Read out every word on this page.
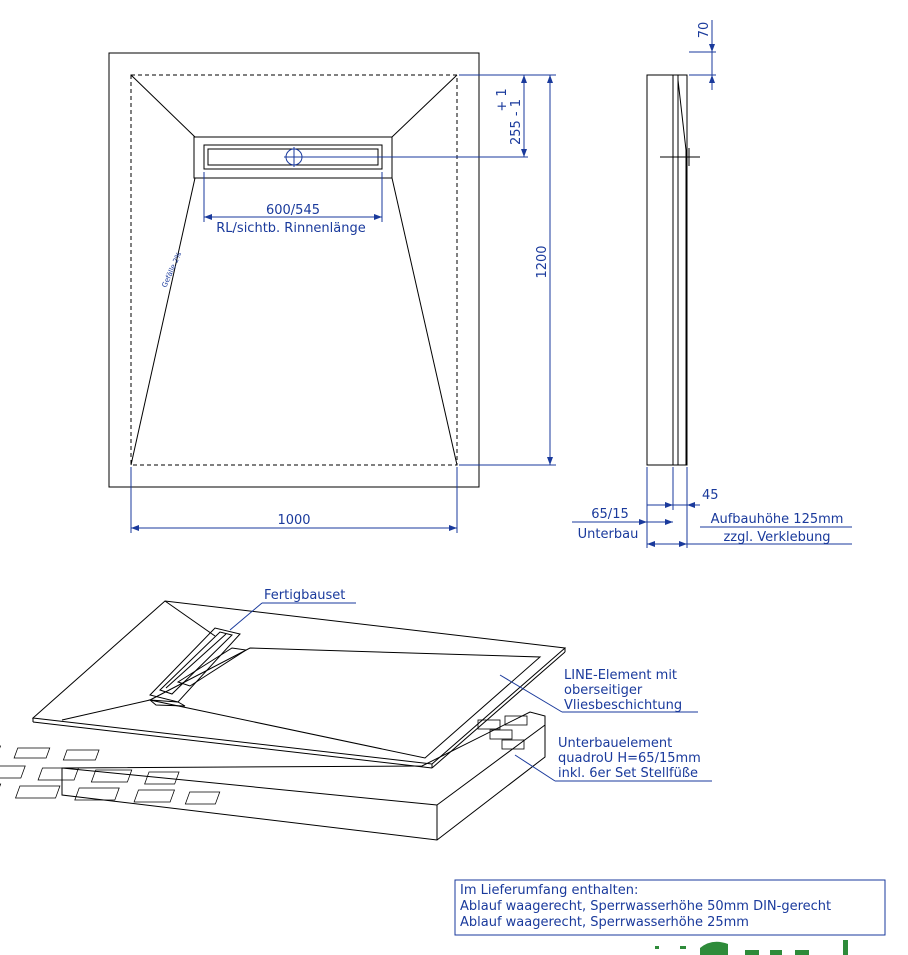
600/545
RL/sichtb. Rinnenlänge
Gefälle 2%
1000
1200
255 - 1
+ 1
70
45
65/15
Unterbau
Aufbauhöhe 125mm
zzgl. Verklebung
Fertigbauset
LINE-Element mit
oberseitiger
Vliesbeschichtung
Unterbauelement
quadroU H=65/15mm
inkl. 6er Set Stellfüße
Im Lieferumfang enthalten:
Ablauf waagerecht, Sperrwasserhöhe 50mm DIN-gerecht
Ablauf waagerecht, Sperrwasserhöhe 25mm
